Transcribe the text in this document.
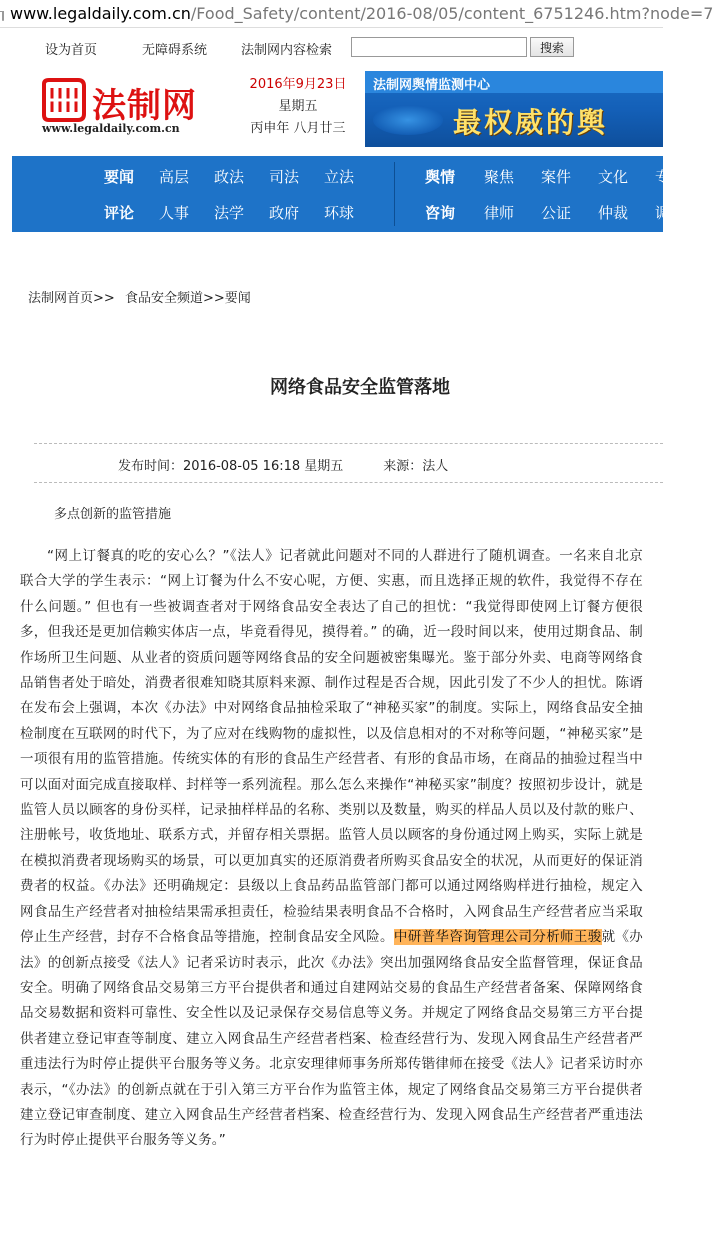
www.legaldaily.com.cn/Food_Safety/content/2016-08/05/content_6751246.htm?node=7
设为首页	无障碍系统	法制网内容检索	搜索
法制网
www.legaldaily.com.cn
2016年9月23日
星期五
丙申年 八月廿三
法制网舆情监测中心
最权威的舆
要闻 高层 政法 司法 立法	舆情 聚焦 案件 文化 专
评论 人事 法学 政府 环球	咨询 律师 公证 仲裁 调
法制网首页>> 食品安全频道>>要闻
网络食品安全监管落地
发布时间：2016-08-05 16:18 星期五	来源：法人
多点创新的监管措施

“网上订餐真的吃的安心么？”《法人》记者就此问题对不同的人群进行了随机调查。一名来自北京联合大学的学生表示：“网上订餐为什么不安心呢，方便、实惠，而且选择正规的软件，我觉得不存在什么问题。” 但也有一些被调查者对于网络食品安全表达了自己的担忧：“我觉得即使网上订餐方便很多，但我还是更加信赖实体店一点，毕竟看得见，摸得着。” 的确，近一段时间以来，使用过期食品、制作场所卫生问题、从业者的资质问题等网络食品的安全问题被密集曝光。鉴于部分外卖、电商等网络食品销售者处于暗处，消费者很难知晓其原料来源、制作过程是否合规，因此引发了不少人的担忧。陈谞在发布会上强调，本次《办法》中对网络食品抽检采取了“神秘买家”的制度。实际上，网络食品安全抽检制度在互联网的时代下，为了应对在线购物的虚拟性，以及信息相对的不对称等问题，“神秘买家”是一项很有用的监管措施。传统实体的有形的食品生产经营者、有形的食品市场，在商品的抽验过程当中可以面对面完成直接取样、封样等一系列流程。那么怎么来操作“神秘买家”制度？按照初步设计，就是监管人员以顾客的身份买样，记录抽样样品的名称、类别以及数量，购买的样品人员以及付款的账户、注册帐号，收货地址、联系方式，并留存相关票据。监管人员以顾客的身份通过网上购买，实际上就是在模拟消费者现场购买的场景，可以更加真实的还原消费者所购买食品安全的状况，从而更好的保证消费者的权益。《办法》还明确规定：县级以上食品药品监管部门都可以通过网络购样进行抽检，规定入网食品生产经营者对抽检结果需承担责任，检验结果表明食品不合格时，入网食品生产经营者应当采取停止生产经营，封存不合格食品等措施，控制食品安全风险。中研普华咨询管理公司分析师王骏就《办法》的创新点接受《法人》记者采访时表示，此次《办法》突出加强网络食品安全监督管理，保证食品安全。明确了网络食品交易第三方平台提供者和通过自建网站交易的食品生产经营者备案、保障网络食品交易数据和资料可靠性、安全性以及记录保存交易信息等义务。并规定了网络食品交易第三方平台提供者建立登记审查等制度、建立入网食品生产经营者档案、检查经营行为、发现入网食品生产经营者严重违法行为时停止提供平台服务等义务。北京安理律师事务所郑传锴律师在接受《法人》记者采访时亦表示，“《办法》的创新点就在于引入第三方平台作为监管主体，规定了网络食品交易第三方平台提供者建立登记审查制度、建立入网食品生产经营者档案、检查经营行为、发现入网食品生产经营者严重违法行为时停止提供平台服务等义务。”
